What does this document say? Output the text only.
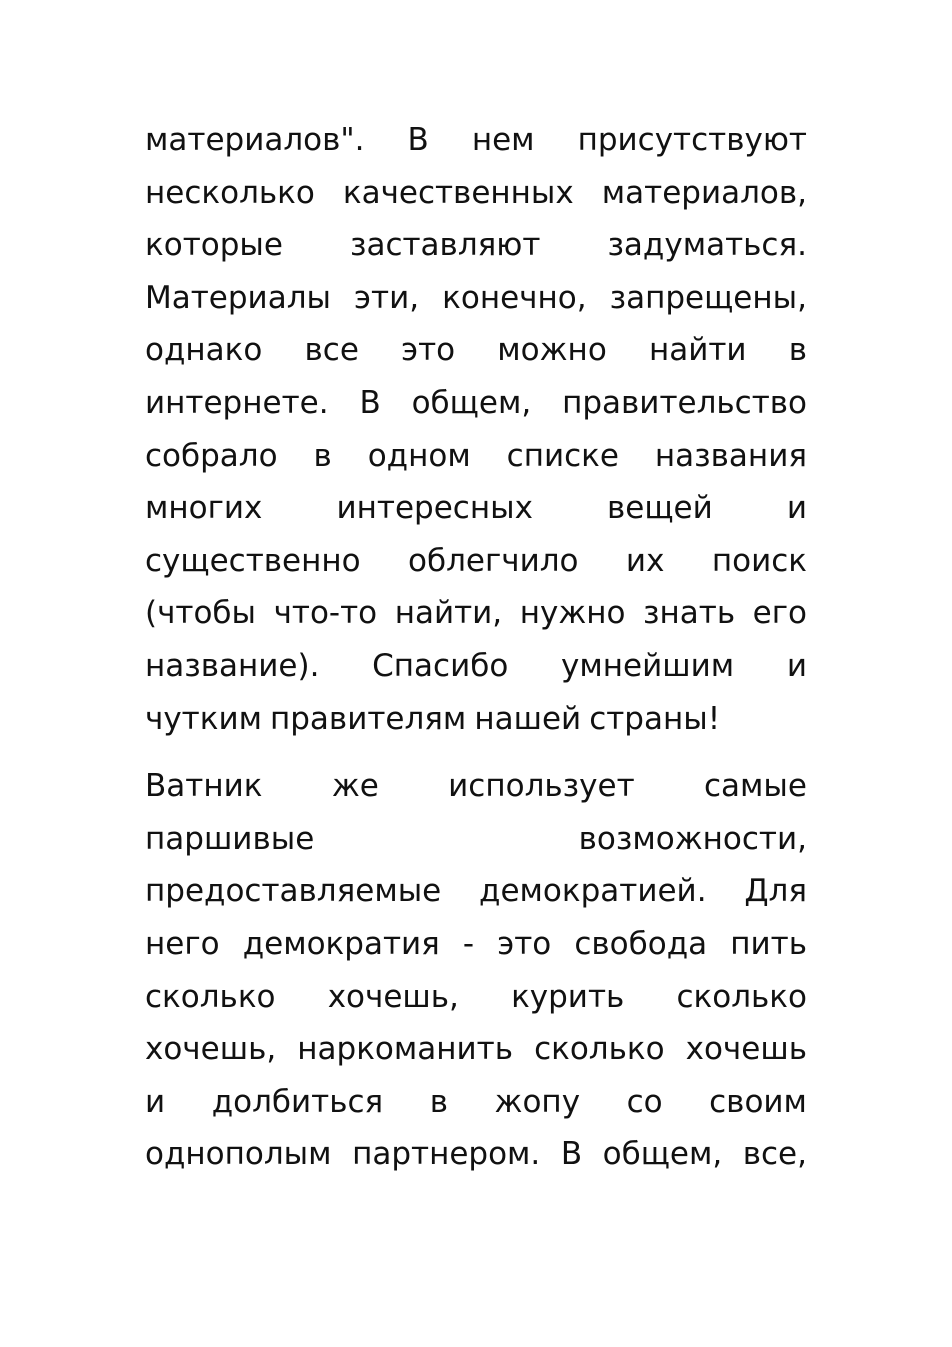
материалов". В нем присутствуют
несколько качественных материалов,
которые заставляют задуматься.
Материалы эти, конечно, запрещены,
однако все это можно найти в
интернете. В общем, правительство
собрало в одном списке названия
многих интересных вещей и
существенно облегчило их поиск
(чтобы что-то найти, нужно знать его
название). Спасибо умнейшим и
чутким правителям нашей страны!
Ватник же использует самые
паршивые	возможности,
предоставляемые демократией. Для
него демократия - это свобода пить
сколько хочешь, курить сколько
хочешь, наркоманить сколько хочешь
и долбиться в жопу со своим
однополым партнером. В общем, все,
